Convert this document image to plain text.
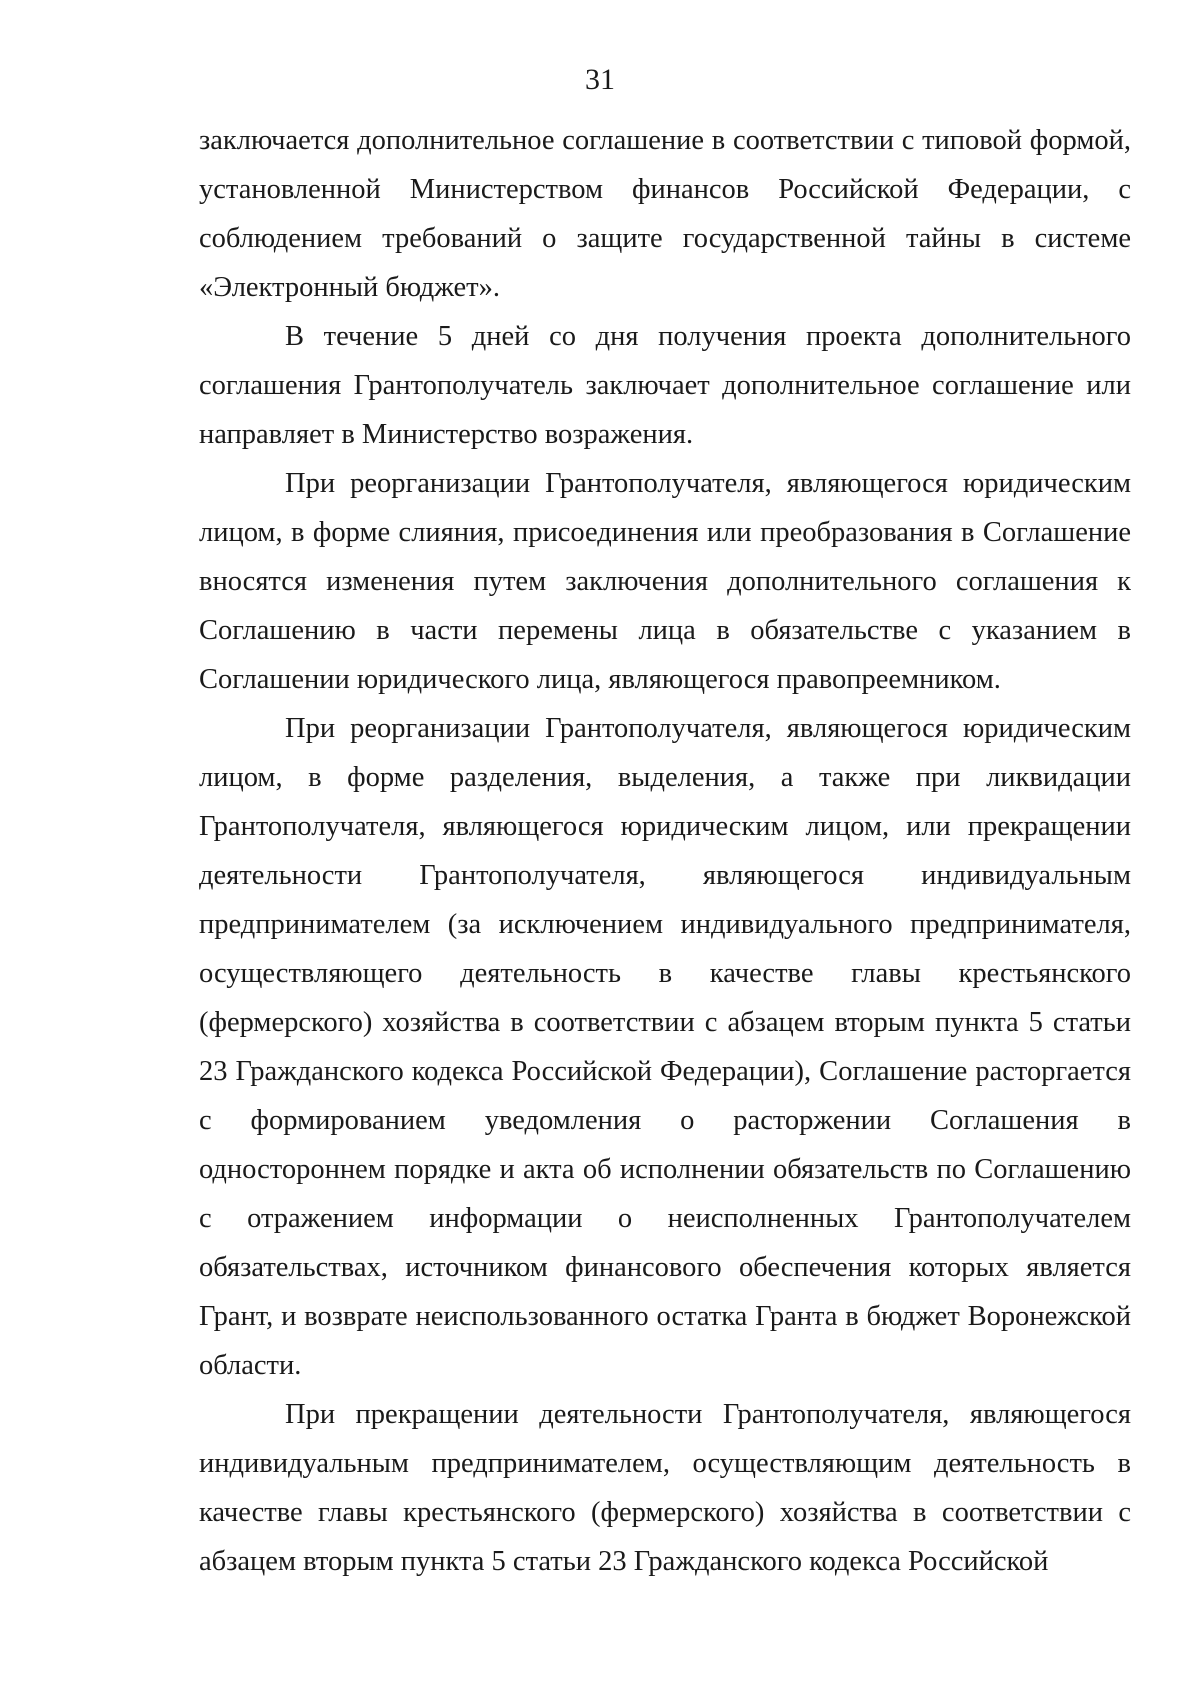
31

заключается дополнительное соглашение в соответствии с типовой формой, установленной Министерством финансов Российской Федерации, с соблюдением требований о защите государственной тайны в системе «Электронный бюджет».

В течение 5 дней со дня получения проекта дополнительного соглашения Грантополучатель заключает дополнительное соглашение или направляет в Министерство возражения.

При реорганизации Грантополучателя, являющегося юридическим лицом, в форме слияния, присоединения или преобразования в Соглашение вносятся изменения путем заключения дополнительного соглашения к Соглашению в части перемены лица в обязательстве с указанием в Соглашении юридического лица, являющегося правопреемником.

При реорганизации Грантополучателя, являющегося юридическим лицом, в форме разделения, выделения, а также при ликвидации Грантополучателя, являющегося юридическим лицом, или прекращении деятельности Грантополучателя, являющегося индивидуальным предпринимателем (за исключением индивидуального предпринимателя, осуществляющего деятельность в качестве главы крестьянского (фермерского) хозяйства в соответствии с абзацем вторым пункта 5 статьи 23 Гражданского кодекса Российской Федерации), Соглашение расторгается с формированием уведомления о расторжении Соглашения в одностороннем порядке и акта об исполнении обязательств по Соглашению с отражением информации о неисполненных Грантополучателем обязательствах, источником финансового обеспечения которых является Грант, и возврате неиспользованного остатка Гранта в бюджет Воронежской области.

При прекращении деятельности Грантополучателя, являющегося индивидуальным предпринимателем, осуществляющим деятельность в качестве главы крестьянского (фермерского) хозяйства в соответствии с абзацем вторым пункта 5 статьи 23 Гражданского кодекса Российской
